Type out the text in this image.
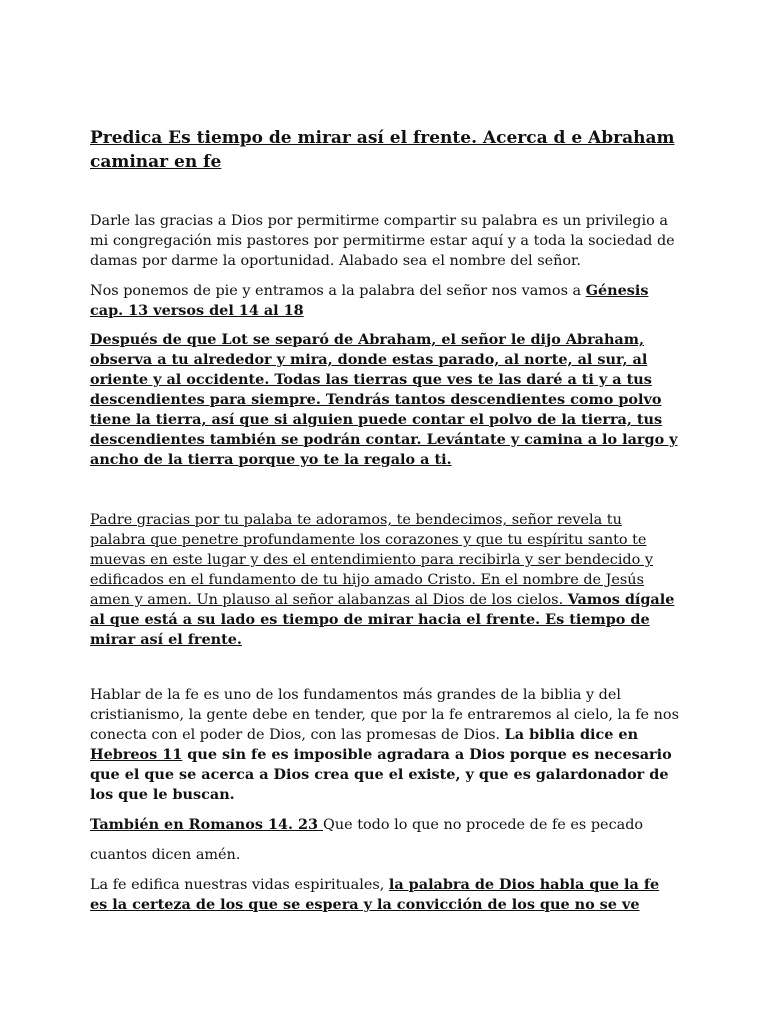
Predica Es tiempo de mirar así el frente. Acerca d e Abraham caminar en fe

Darle las gracias a Dios por permitirme compartir su palabra es un privilegio a mi congregación mis pastores por permitirme estar aquí y a toda la sociedad de damas por darme la oportunidad. Alabado sea el nombre del señor.

Nos ponemos de pie y entramos a la palabra del señor nos vamos a Génesis cap. 13 versos del 14 al 18

Después de que Lot se separó de Abraham, el señor le dijo Abraham, observa a tu alrededor y mira, donde estas parado, al norte, al sur, al oriente y al occidente. Todas las tierras que ves te las daré a ti y a tus descendientes para siempre. Tendrás tantos descendientes como polvo tiene la tierra, así que si alguien puede contar el polvo de la tierra, tus descendientes también se podrán contar. Levántate y camina a lo largo y ancho de la tierra porque yo te la regalo a ti.

Padre gracias por tu palaba te adoramos, te bendecimos, señor revela tu palabra que penetre profundamente los corazones y que tu espíritu santo te muevas en este lugar y des el entendimiento para recibirla y ser bendecido y edificados en el fundamento de tu hijo amado Cristo. En el nombre de Jesús amen y amen. Un plauso al señor alabanzas al Dios de los cielos. Vamos dígale al que está a su lado es tiempo de mirar hacia el frente. Es tiempo de mirar así el frente.

Hablar de la fe es uno de los fundamentos más grandes de la biblia y del cristianismo, la gente debe en tender, que por la fe entraremos al cielo, la fe nos conecta con el poder de Dios, con las promesas de Dios. La biblia dice en Hebreos 11 que sin fe es imposible agradara a Dios porque es necesario que el que se acerca a Dios crea que el existe, y que es galardonador de los que le buscan.

También en Romanos 14. 23 Que todo lo que no procede de fe es pecado

cuantos dicen amén.

La fe edifica nuestras vidas espirituales, la palabra de Dios habla que la fe es la certeza de los que se espera y la convicción de los que no se ve
